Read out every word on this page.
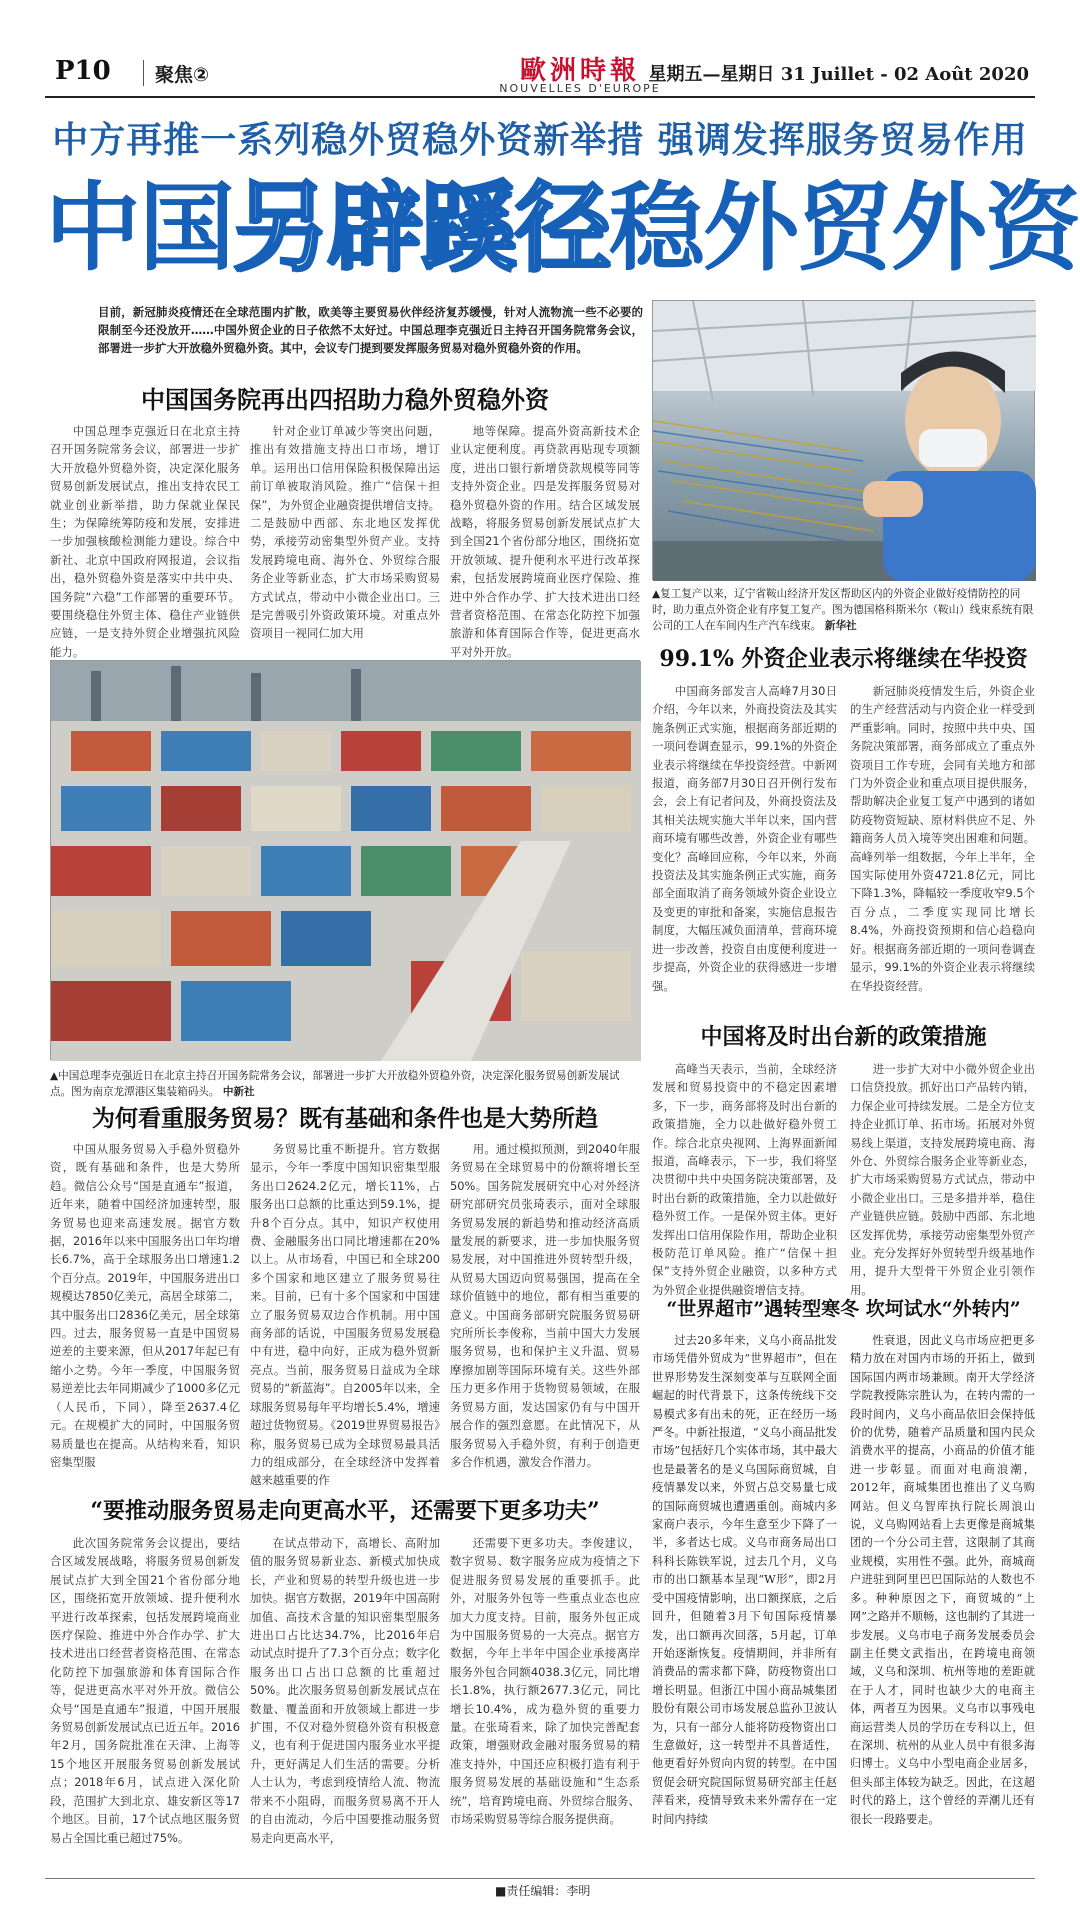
P10 聚焦②	歐洲時報
NOUVELLES D'EUROPE
星期五—星期日 31 Juillet - 02 Août 2020
中方再推一系列稳外贸稳外资新举措 强调发挥服务贸易作用
中国另辟蹊径稳外贸外资
目前，新冠肺炎疫情还在全球范围内扩散，欧美等主要贸易伙伴经济复苏缓慢，针对人流物流一些不必要的限制至今还没放开……中国外贸企业的日子依然不太好过。中国总理李克强近日主持召开国务院常务会议，部署进一步扩大开放稳外贸稳外资。其中，会议专门提到要发挥服务贸易对稳外贸稳外资的作用。
▲复工复产以来，辽宁省鞍山经济开发区帮助区内的外资企业做好疫情防控的同时，助力重点外资企业有序复工复产。图为德国格科斯米尔（鞍山）线束系统有限公司的工人在车间内生产汽车线束。 新华社
▲中国总理李克强近日在北京主持召开国务院常务会议，部署进一步扩大开放稳外贸稳外资，决定深化服务贸易创新发展试点。图为南京龙潭港区集装箱码头。 中新社
中国国务院再出四招助力稳外贸稳外资

中国总理李克强近日在北京主持召开国务院常务会议，部署进一步扩大开放稳外贸稳外资，决定深化服务贸易创新发展试点，推出支持农民工就业创业新举措，助力保就业保民生；为保障统筹防疫和发展，安排进一步加强核酸检测能力建设。综合中新社、北京中国政府网报道，会议指出，稳外贸稳外资是落实中共中央、国务院“六稳”工作部署的重要环节。要围绕稳住外贸主体、稳住产业链供应链，一是支持外贸企业增强抗风险能力。

针对企业订单减少等突出问题，推出有效措施支持出口市场，增订单。运用出口信用保险积极保障出运前订单被取消风险。推广“信保＋担保”，为外贸企业融资提供增信支持。二是鼓励中西部、东北地区发挥优势，承接劳动密集型外贸产业。支持发展跨境电商、海外仓、外贸综合服务企业等新业态，扩大市场采购贸易方式试点，带动中小微企业出口。三是完善吸引外资政策环境。对重点外资项目一视同仁加大用

地等保障。提高外资高新技术企业认定便利度。再贷款再贴现专项额度，进出口银行新增贷款规模等同等支持外资企业。四是发挥服务贸易对稳外贸稳外资的作用。结合区域发展战略，将服务贸易创新发展试点扩大到全国21个省份部分地区，围绕拓宽开放领域、提升便利水平进行改革探索，包括发展跨境商业医疗保险、推进中外合作办学、扩大技术进出口经营者资格范围、在常态化防控下加强旅游和体育国际合作等，促进更高水平对外开放。	99.1% 外资企业表示将继续在华投资

中国商务部发言人高峰7月30日介绍，今年以来，外商投资法及其实施条例正式实施，根据商务部近期的一项问卷调查显示，99.1%的外资企业表示将继续在华投资经营。中新网报道，商务部7月30日召开例行发布会，会上有记者问及，外商投资法及其相关法规实施大半年以来，国内营商环境有哪些改善，外资企业有哪些变化？高峰回应称，今年以来，外商投资法及其实施条例正式实施，商务部全面取消了商务领域外资企业设立及变更的审批和备案，实施信息报告制度，大幅压减负面清单，营商环境进一步改善，投资自由度便利度进一步提高，外资企业的获得感进一步增强。

新冠肺炎疫情发生后，外资企业的生产经营活动与内资企业一样受到严重影响。同时，按照中共中央、国务院决策部署，商务部成立了重点外资项目工作专班，会同有关地方和部门为外资企业和重点项目提供服务，帮助解决企业复工复产中遇到的诸如防疫物资短缺、原材料供应不足、外籍商务人员入境等突出困难和问题。高峰列举一组数据，今年上半年，全国实际使用外资4721.8亿元，同比下降1.3%，降幅较一季度收窄9.5个百分点，二季度实现同比增长8.4%，外商投资预期和信心趋稳向好。根据商务部近期的一项问卷调查显示，99.1%的外资企业表示将继续在华投资经营。

中国将及时出台新的政策措施

高峰当天表示，当前，全球经济发展和贸易投资中的不稳定因素增多，下一步，商务部将及时出台新的政策措施，全力以赴做好稳外贸工作。综合北京央视网、上海界面新闻报道，高峰表示，下一步，我们将坚决贯彻中共中央国务院决策部署，及时出台新的政策措施，全力以赴做好稳外贸工作。一是保外贸主体。更好发挥出口信用保险作用，帮助企业积极防范订单风险。推广“信保＋担保”支持外贸企业融资，以多种方式为外贸企业提供融资增信支持。

进一步扩大对中小微外贸企业出口信贷投放。抓好出口产品转内销，力保企业可持续发展。二是全方位支持企业抓订单、拓市场。拓展对外贸易线上渠道，支持发展跨境电商、海外仓、外贸综合服务企业等新业态，扩大市场采购贸易方式试点，带动中小微企业出口。三是多措并举，稳住产业链供应链。鼓励中西部、东北地区发挥优势，承接劳动密集型外贸产业。充分发挥好外贸转型升级基地作用，提升大型骨干外贸企业引领作用。

“世界超市”遇转型寒冬 坎坷试水“外转内”

过去20多年来，义乌小商品批发市场凭借外贸成为“世界超市”，但在世界形势发生深刻变革与互联网全面崛起的时代背景下，这条传统线下交易模式多有出未的死，正在经历一场严冬。中新社报道，“义乌小商品批发市场”包括好几个实体市场，其中最大也是最著名的是义乌国际商贸城，自疫情暴发以来，外贸占总交易量七成的国际商贸城也遭遇重创。商城内多家商户表示，今年生意至少下降了一半，多者达七成。义乌市商务局出口科科长陈铁军说，过去几个月，义乌市的出口额基本呈现“W形”，即2月受中国疫情影响，出口额探底，之后回升，但随着3月下旬国际疫情暴发，出口额再次回落，5月起，订单开始逐渐恢复。疫情期间，并非所有消费品的需求都下降，防疫物资出口增长明显。但浙江中国小商品城集团股份有限公司市场发展总监孙卫波认为，只有一部分人能将防疫物资出口生意做好，这一转型并不具普适性，他更看好外贸向内贸的转型。在中国贸促会研究院国际贸易研究部主任赵萍看来，疫情导致未来外需存在一定时间内持续

性衰退，因此义乌市场应把更多精力放在对国内市场的开拓上，做到国际国内两市场兼顾。南开大学经济学院教授陈宗胜认为，在转内需的一段时间内，义乌小商品依旧会保持低价的优势，随着产品质量和国内民众消费水平的提高，小商品的价值才能进一步彰显。而面对电商浪潮，2012年，商城集团也推出了义乌购网站。但义乌智库执行院长周浪山说，义乌购网站看上去更像是商城集团的一个分公司主营，这限制了其商业规模，实用性不强。此外，商城商户进驻到阿里巴巴国际站的人数也不多。种种原因之下，商贸城的“上网”之路并不顺畅，这也制约了其进一步发展。义乌市电子商务发展委员会副主任樊文武指出，在跨境电商领域，义乌和深圳、杭州等地的差距就在于人才，同时也缺少大的电商主体，两者互为因果。义乌市以事残电商运营类人员的学历在专科以上，但在深圳、杭州的从业人员中有很多海归博士。义乌中小型电商企业居多，但头部主体较为缺乏。因此，在这超时代的路上，这个曾经的弄潮儿还有很长一段路要走。

为何看重服务贸易？既有基础和条件也是大势所趋

中国从服务贸易入手稳外贸稳外资，既有基础和条件，也是大势所趋。微信公众号“国是直通车”报道，近年来，随着中国经济加速转型，服务贸易也迎来高速发展。据官方数据，2016年以来中国服务出口年均增长6.7%，高于全球服务出口增速1.2个百分点。2019年，中国服务进出口规模达7850亿美元，高居全球第二，其中服务出口2836亿美元，居全球第四。过去，服务贸易一直是中国贸易逆差的主要来源，但从2017年起已有缩小之势。今年一季度，中国服务贸易逆差比去年同期减少了1000多亿元（人民币，下同），降至2637.4亿元。在规模扩大的同时，中国服务贸易质量也在提高。从结构来看，知识密集型服

务贸易比重不断提升。官方数据显示，今年一季度中国知识密集型服务出口2624.2亿元，增长11%，占服务出口总额的比重达到59.1%，提升8个百分点。其中，知识产权使用费、金融服务出口同比增速都在20%以上。从市场看，中国已和全球200多个国家和地区建立了服务贸易往来。目前，已有十多个国家和中国建立了服务贸易双边合作机制。用中国商务部的话说，中国服务贸易发展稳中有进，稳中向好，正成为稳外贸新亮点。当前，服务贸易日益成为全球贸易的“新蓝海”。自2005年以来，全球服务贸易每年平均增长5.4%，增速超过货物贸易。《2019世界贸易报告》称，服务贸易已成为全球贸易最具活力的组成部分，在全球经济中发挥着越来越重要的作

用。通过模拟预测，到2040年服务贸易在全球贸易中的份额将增长至50%。国务院发展研究中心对外经济研究部研究员张琦表示，面对全球服务贸易发展的新趋势和推动经济高质量发展的新要求，进一步加快服务贸易发展，对中国推进外贸转型升级，从贸易大国迈向贸易强国，提高在全球价值链中的地位，都有相当重要的意义。中国商务部研究院服务贸易研究所所长李俊称，当前中国大力发展服务贸易，也和保护主义升温、贸易摩擦加剧等国际环境有关。这些外部压力更多作用于货物贸易领域，在服务贸易方面，发达国家仍有与中国开展合作的强烈意愿。在此情况下，从服务贸易入手稳外贸，有利于创造更多合作机遇，激发合作潜力。

“要推动服务贸易走向更高水平，还需要下更多功夫”

此次国务院常务会议提出，要结合区域发展战略，将服务贸易创新发展试点扩大到全国21个省份部分地区，围绕拓宽开放领域、提升便利水平进行改革探索，包括发展跨境商业医疗保险、推进中外合作办学、扩大技术进出口经营者资格范围、在常态化防控下加强旅游和体育国际合作等，促进更高水平对外开放。微信公众号“国是直通车”报道，中国开展服务贸易创新发展试点已近五年。2016年2月，国务院批准在天津、上海等15个地区开展服务贸易创新发展试点；2018年6月，试点进入深化阶段，范围扩大到北京、雄安新区等17个地区。目前，17个试点地区服务贸易占全国比重已超过75%。

在试点带动下，高增长、高附加值的服务贸易新业态、新模式加快成长，产业和贸易的转型升级也进一步加快。据官方数据，2019年中国高附加值、高技术含量的知识密集型服务进出口占比达34.7%，比2016年启动试点时提升了7.3个百分点；数字化服务出口占出口总额的比重超过50%。此次服务贸易创新发展试点在数量、覆盖面和开放领域上都进一步扩围，不仅对稳外贸稳外资有积极意义，也有利于促进国内服务业水平提升，更好满足人们生活的需要。分析人士认为，考虑到疫情给人流、物流带来不小阻碍，而服务贸易离不开人的自由流动，今后中国要推动服务贸易走向更高水平，

还需要下更多功夫。李俊建议，数字贸易、数字服务应成为疫情之下促进服务贸易发展的重要抓手。此外，对服务外包等一些重点业态也应加大力度支持。目前，服务外包正成为中国服务贸易的一大亮点。据官方数据，今年上半年中国企业承接离岸服务外包合同额4038.3亿元，同比增长1.8%，执行额2677.3亿元，同比增长10.4%，成为稳外贸的重要力量。在张琦看来，除了加快完善配套政策，增强财政金融对服务贸易的精准支持外，中国还应积极打造有利于服务贸易发展的基础设施和“生态系统”，培育跨境电商、外贸综合服务、市场采购贸易等综合服务提供商。

■责任编辑：李明
